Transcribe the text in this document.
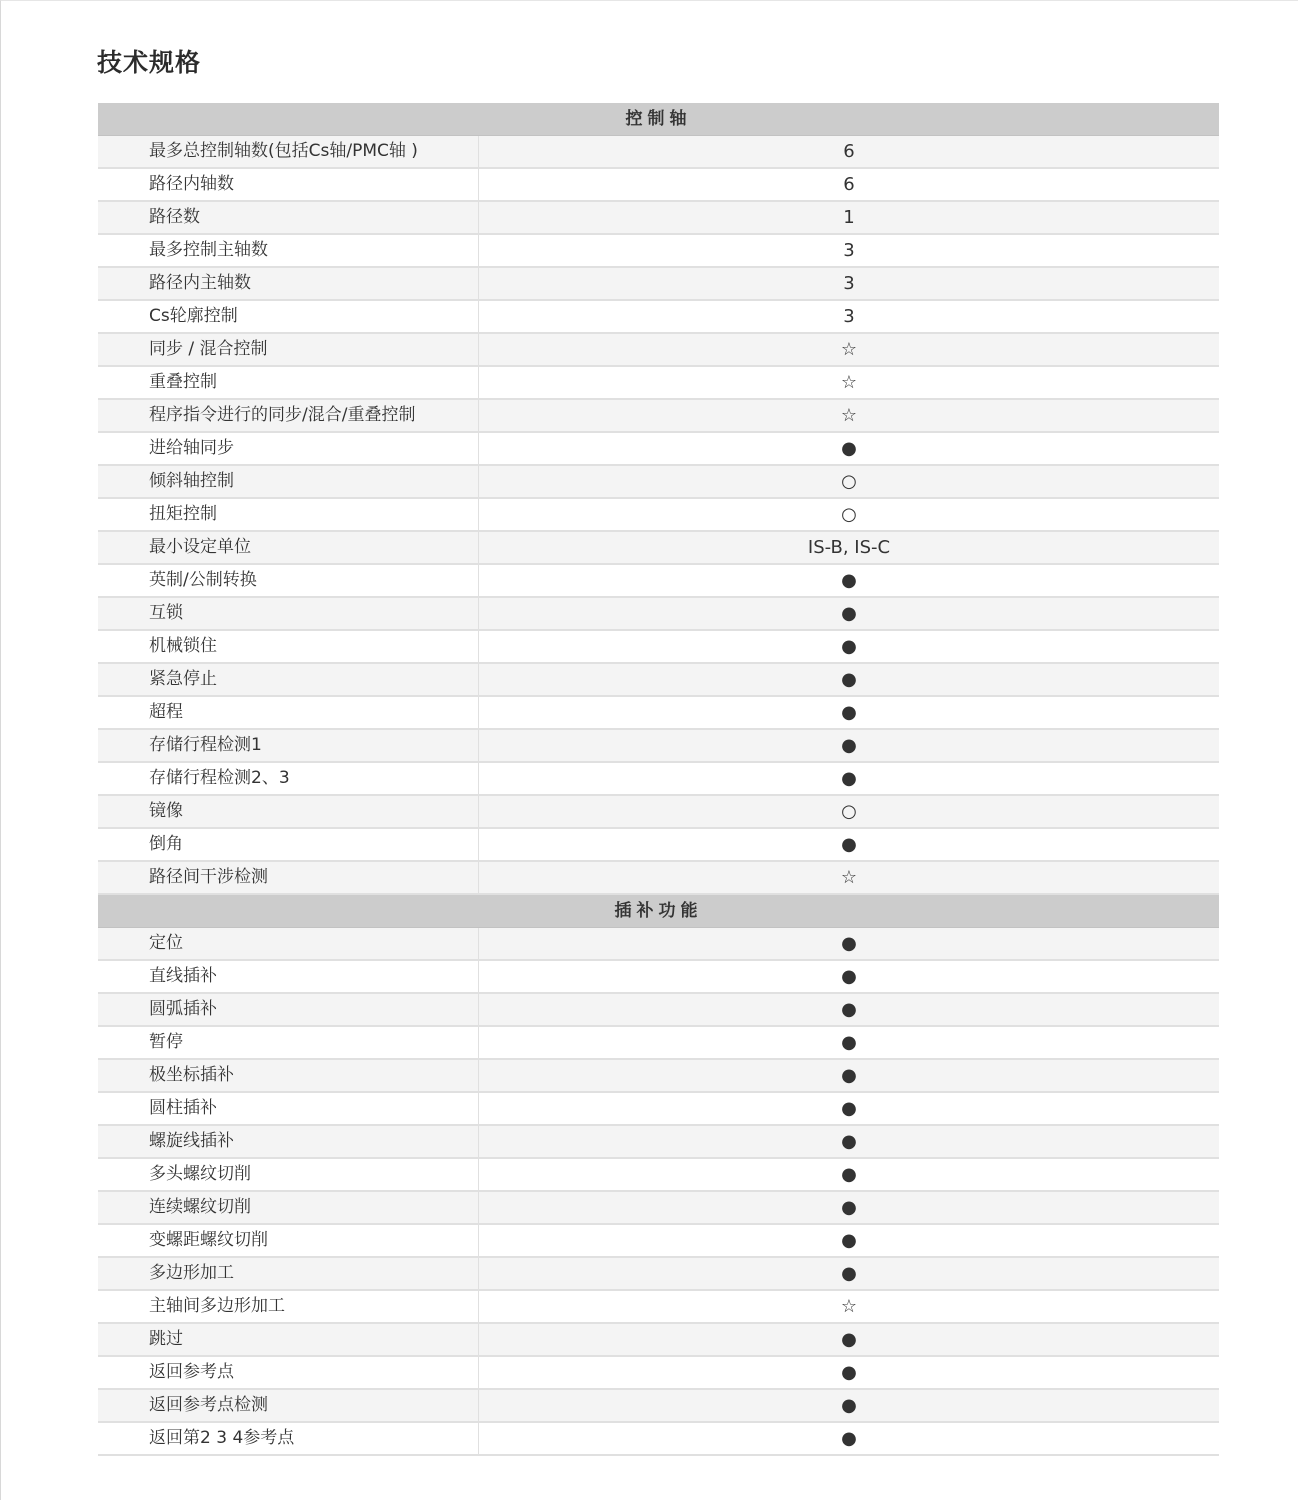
技术规格
控制轴
最多总控制轴数(包括Cs轴/PMC轴 )	6
路径内轴数	6
路径数	1
最多控制主轴数	3
路径内主轴数	3
Cs轮廓控制	3
同步 / 混合控制	☆
重叠控制	☆
程序指令进行的同步/混合/重叠控制	☆
进给轴同步	●
倾斜轴控制	○
扭矩控制	○
最小设定单位	IS-B, IS-C
英制/公制转换	●
互锁	●
机械锁住	●
紧急停止	●
超程	●
存储行程检测1	●
存储行程检测2、3	●
镜像	○
倒角	●
路径间干涉检测	☆
插补功能
定位	●
直线插补	●
圆弧插补	●
暂停	●
极坐标插补	●
圆柱插补	●
螺旋线插补	●
多头螺纹切削	●
连续螺纹切削	●
变螺距螺纹切削	●
多边形加工	●
主轴间多边形加工	☆
跳过	●
返回参考点	●
返回参考点检测	●
返回第2 3 4参考点	●
